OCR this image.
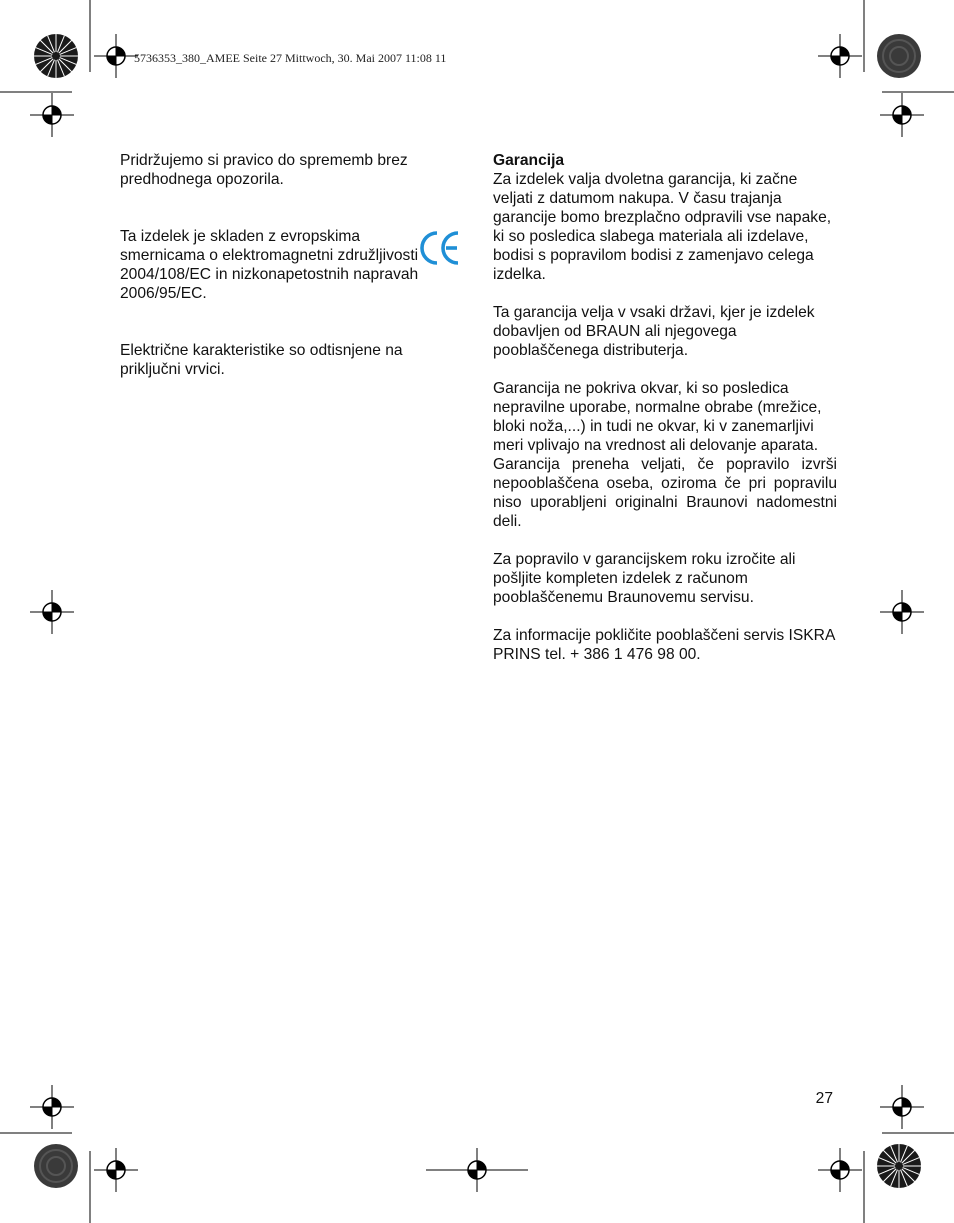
5736353_380_AMEE Seite 27 Mittwoch, 30. Mai 2007 11:08 11

Pridržujemo si pravico do sprememb brez predhodnega opozorila.

Ta izdelek je skladen z evropskima smernicama o elektromagnetni združljivosti 2004/108/EC in nizkonapetostnih napravah 2006/95/EC.

Električne karakteristike so odtisnjene na priključni vrvici.

Garancija

Za izdelek valja dvoletna garancija, ki začne veljati z datumom nakupa. V času trajanja garancije bomo brezplačno odpravili vse napake, ki so posledica slabega materiala ali izdelave, bodisi s popravilom bodisi z zamenjavo celega izdelka.

Ta garancija velja v vsaki državi, kjer je izdelek dobavljen od BRAUN ali njegovega pooblaščenega distributerja.

Garancija ne pokriva okvar, ki so posledica nepravilne uporabe, normalne obrabe (mrežice, bloki noža,...) in tudi ne okvar, ki v zanemarljivi meri vplivajo na vrednost ali delovanje aparata.

Garancija preneha veljati, če popravilo izvrši nepooblaščena oseba, oziroma če pri popravilu niso uporabljeni originalni Braunovi nadomestni deli.

Za popravilo v garancijskem roku izročite ali pošljite kompleten izdelek z računom pooblaščenemu Braunovemu servisu.

Za informacije pokličite pooblaščeni servis ISKRA PRINS tel. + 386 1 476 98 00.

27
